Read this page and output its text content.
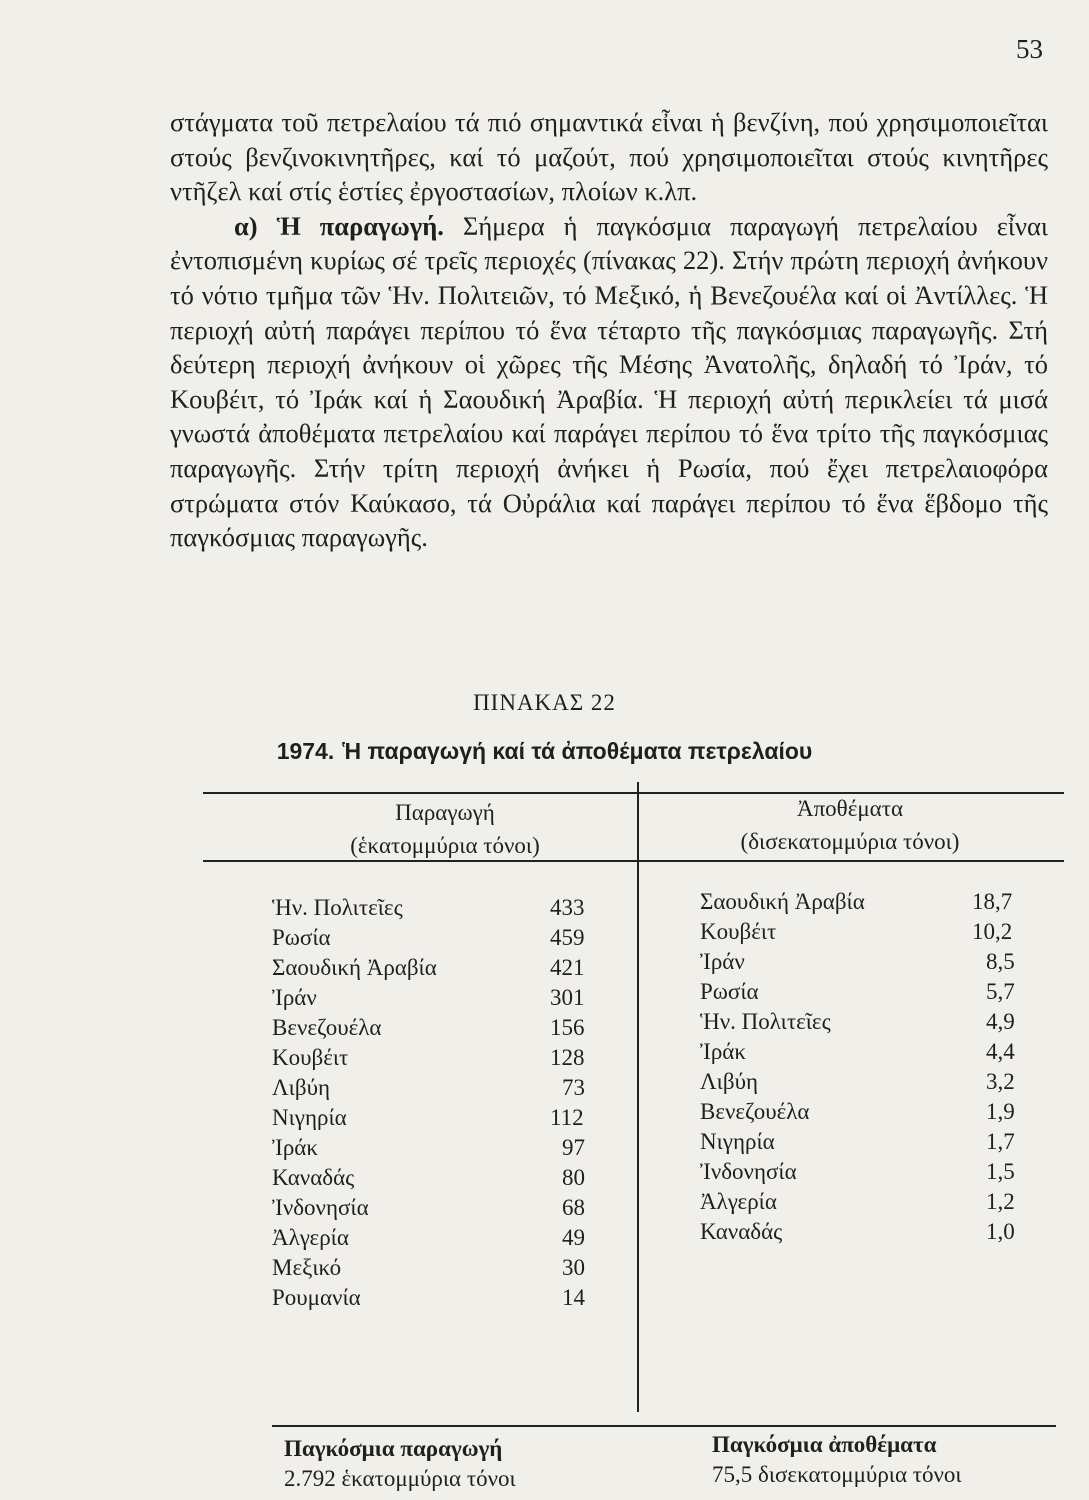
53

στάγματα τοῦ πετρελαίου τά πιό σημαντικά εἶναι ἡ βενζίνη, πού χρησιμοποιεῖται στούς βενζινοκινητῆρες, καί τό μαζούτ, πού χρησιμοποιεῖται στούς κινητῆρες ντῆζελ καί στίς ἑστίες ἐργοστασίων, πλοίων κ.λπ.

α) Ἡ παραγωγή. Σήμερα ἡ παγκόσμια παραγωγή πετρελαίου εἶναι ἐντοπισμένη κυρίως σέ τρεῖς περιοχές (πίνακας 22). Στήν πρώτη περιοχή ἀνήκουν τό νότιο τμῆμα τῶν Ἡν. Πολιτειῶν, τό Μεξικό, ἡ Βενεζουέλα καί οἱ Ἀντίλλες. Ἡ περιοχή αὐτή παράγει περίπου τό ἕνα τέταρτο τῆς παγκόσμιας παραγωγῆς. Στή δεύτερη περιοχή ἀνήκουν οἱ χῶρες τῆς Μέσης Ἀνατολῆς, δηλαδή τό Ἰράν, τό Κουβέιτ, τό Ἰράκ καί ἡ Σαουδική Ἀραβία. Ἡ περιοχή αὐτή περικλείει τά μισά γνωστά ἀποθέματα πετρελαίου καί παράγει περίπου τό ἕνα τρίτο τῆς παγκόσμιας παραγωγῆς. Στήν τρίτη περιοχή ἀνήκει ἡ Ρωσία, πού ἔχει πετρελαιοφόρα στρώματα στόν Καύκασο, τά Οὐράλια καί παράγει περίπου τό ἕνα ἕβδομο τῆς παγκόσμιας παραγωγῆς.

ΠΙΝΑΚΑΣ 22
1974. Ἡ παραγωγή καί τά ἀποθέματα πετρελαίου
Παραγωγή
(ἑκατομμύρια τόνοι)
Ἀποθέματα
(δισεκατομμύρια τόνοι)
Ἡν. Πολιτεῖες	433
Ρωσία	459
Σαουδική Ἀραβία	421
Ἰράν	301
Βενεζουέλα	156
Κουβέιτ	128
Λιβύη	73
Νιγηρία	112
Ἰράκ	97
Καναδάς	80
Ἰνδονησία	68
Ἀλγερία	49
Μεξικό	30
Ρουμανία	14
Σαουδική Ἀραβία	18,7
Κουβέιτ	10,2
Ἰράν	8,5
Ρωσία	5,7
Ἡν. Πολιτεῖες	4,9
Ἰράκ	4,4
Λιβύη	3,2
Βενεζουέλα	1,9
Νιγηρία	1,7
Ἰνδονησία	1,5
Ἀλγερία	1,2
Καναδάς	1,0
Παγκόσμια παραγωγή
2.792 ἑκατομμύρια τόνοι
Παγκόσμια ἀποθέματα
75,5 δισεκατομμύρια τόνοι
